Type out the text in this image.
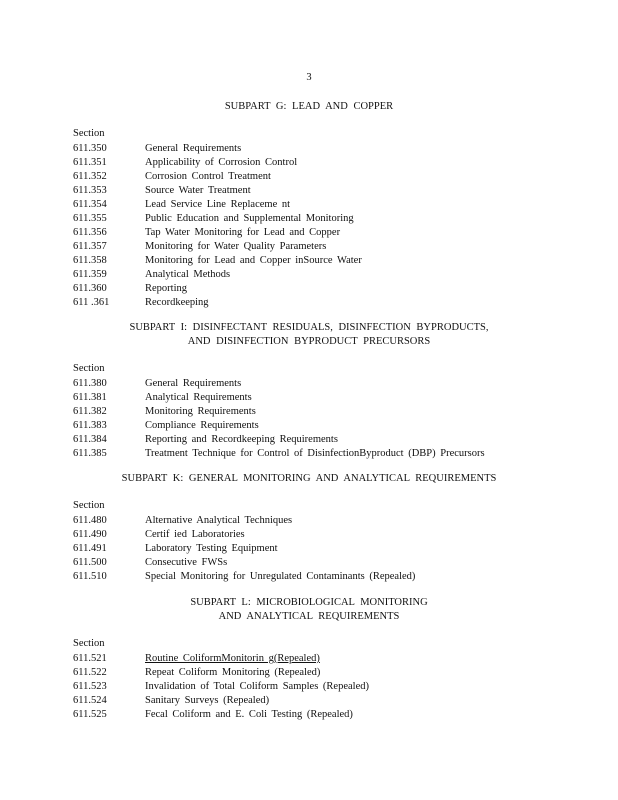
3
SUBPART G: LEAD AND COPPER
Section
611.350	General Requirements
611.351	Applicability of Corrosion Control
611.352	Corrosion Control Treatment
611.353	Source Water Treatment
611.354	Lead Service Line Replaceme nt
611.355	Public Education and Supplemental Monitoring
611.356	Tap Water Monitoring for Lead and Copper
611.357	Monitoring for Water Quality Parameters
611.358	Monitoring for Lead and Copper inSource Water
611.359	Analytical Methods
611.360	Reporting
611 .361	Recordkeeping
SUBPART I: DISINFECTANT RESIDUALS, DISINFECTION BYPRODUCTS,
AND DISINFECTION BYPRODUCT PRECURSORS
Section
611.380	General Requirements
611.381	Analytical Requirements
611.382	Monitoring Requirements
611.383	Compliance Requirements
611.384	Reporting and Recordkeeping Requirements
611.385	Treatment Technique for Control of DisinfectionByproduct (DBP) Precursors
SUBPART K: GENERAL MONITORING AND ANALYTICAL REQUIREMENTS
Section
611.480	Alternative Analytical Techniques
611.490	Certif ied Laboratories
611.491	Laboratory Testing Equipment
611.500	Consecutive FWSs
611.510	Special Monitoring for Unregulated Contaminants (Repealed)
SUBPART L: MICROBIOLOGICAL MONITORING
AND ANALYTICAL REQUIREMENTS
Section
611.521	Routine ColiformMonitorin g(Repealed)
611.522	Repeat Coliform Monitoring (Repealed)
611.523	Invalidation of Total Coliform Samples (Repealed)
611.524	Sanitary Surveys (Repealed)
611.525	Fecal Coliform and E. Coli Testing (Repealed)
